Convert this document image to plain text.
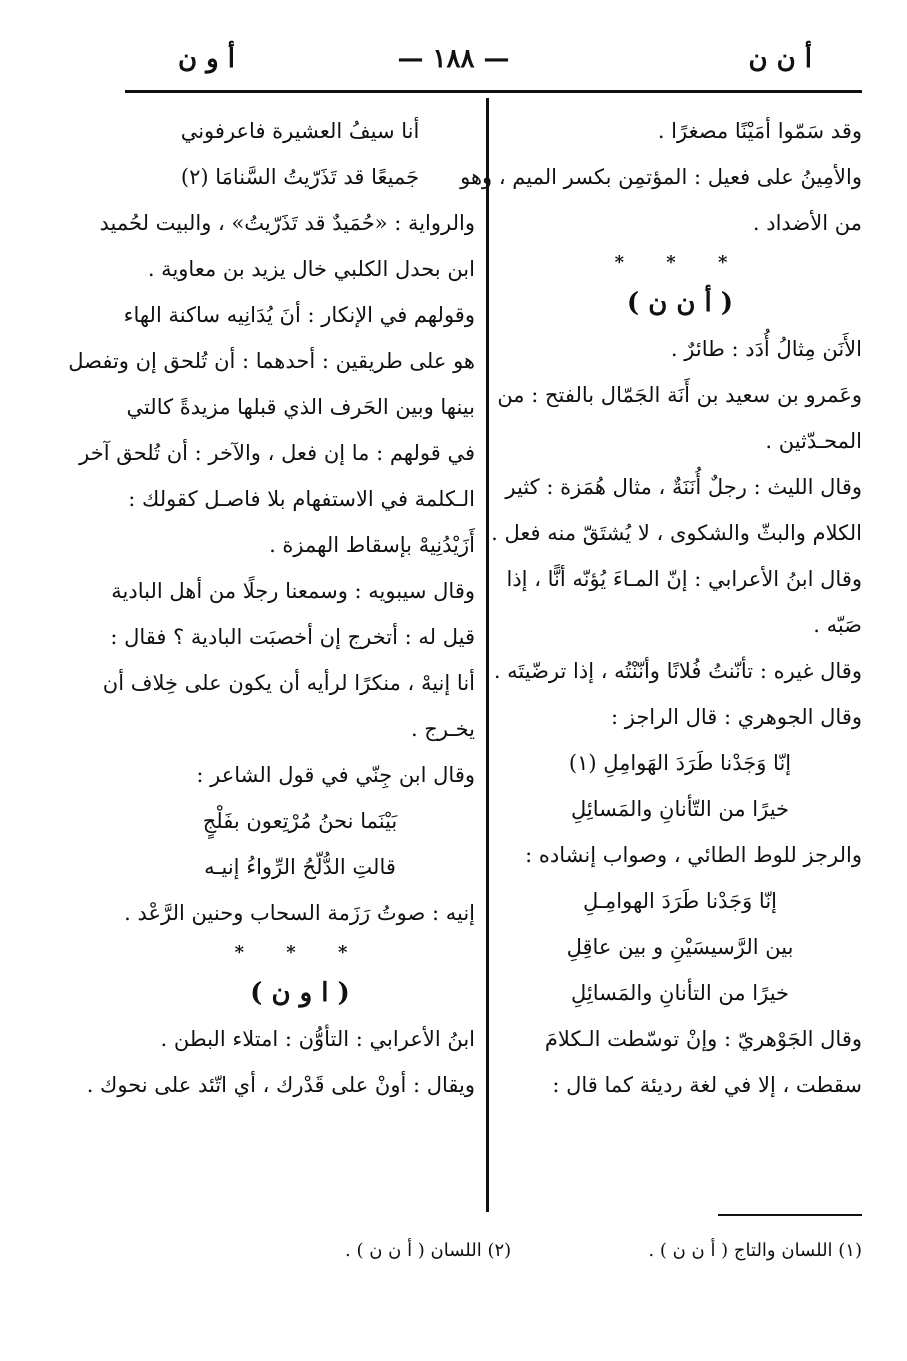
أ ن ن
— ١٨٨ —
أ و ن
وقد سَمّوا أمَيْنًا مصغرًا .
والأمِينُ على فعيل : المؤتمِن بكسر الميم ، وهو
من الأضداد .
* * *
( أ ن ن )
الأَنَن مِثالُ أُدَد : طائرٌ .
وعَمرو بن سعيد بن أَنَة الجَمّال بالفتح : من
المحـدّثين .
وقال الليث : رجلٌ أُنَنَةٌ ، مثال هُمَزة : كثير
الكلام والبثّ والشكوى ، لا يُشتَقّ منه فعل .
وقال ابنُ الأعرابي : إنّ المـاءَ يُؤنّه أنًّا ، إذا
صَبّه .
وقال غيره : تأنّنتُ فُلانًا وأنّنْتُه ، إذا ترضّيتَه .
وقال الجوهري : قال الراجز :
إنّا وَجَدْنا طَرَدَ الهَوامِلِ (١)
خيرًا من التّأنانِ والمَسائِلِ
والرجز للوط الطائي ، وصواب إنشاده :
إنّا وَجَدْنا طَرَدَ الهوامِـلِ
بين الرَّسيسَيْنِ و بين عاقِلِ
خيرًا من التأنانِ والمَسائِلِ
وقال الجَوْهريّ : وإنْ توسّطت الـكلامَ
سقطت ، إلا في لغة رديئة كما قال :
أنا سيفُ العشيرة فاعرفوني
جَميعًا قد تَذَرّيتُ السَّنامَا (٢)
والرواية : «حُمَيدٌ قد تَذَرّيتُ» ، والبيت لحُميد
ابن بحدل الكلبي خال يزيد بن معاوية .
وقولهم في الإنكار : أنَ يُدَانِيه ساكنة الهاء
هو على طريقين : أحدهما : أن تُلحق إن وتفصل
بينها وبين الحَرف الذي قبلها مزيدةً كالتي
في قولهم : ما إن فعل ، والآخر : أن تُلحق آخر
الـكلمة في الاستفهام بلا فاصـل كقولك :
أَزَيْدُنِيهْ بإسقاط الهمزة .
وقال سيبويه : وسمعنا رجلًا من أهل البادية
قيل له : أتخرج إن أخصبَت البادية ؟ فقال :
أنا إنيهْ ، منكرًا لرأيه أن يكون على خِلاف أن
يخـرج .
وقال ابن جِنّي في قول الشاعر :
بَيْنَما نحنُ مُرْتِعون بفَلْجٍ
قالتِ الدُّلّحُ الرِّواءُ إنيـه
إنيه : صوتُ رَزَمة السحاب وحنين الرَّعْد .
* * *
( ا و ن )
ابنُ الأعرابي : التأوُّن : امتلاء البطن .
ويقال : أونْ على قَدْرك ، أي اتّئد على نحوك .
(١) اللسان والتاج ( أ ن ن ) .
(٢) اللسان ( أ ن ن ) .
